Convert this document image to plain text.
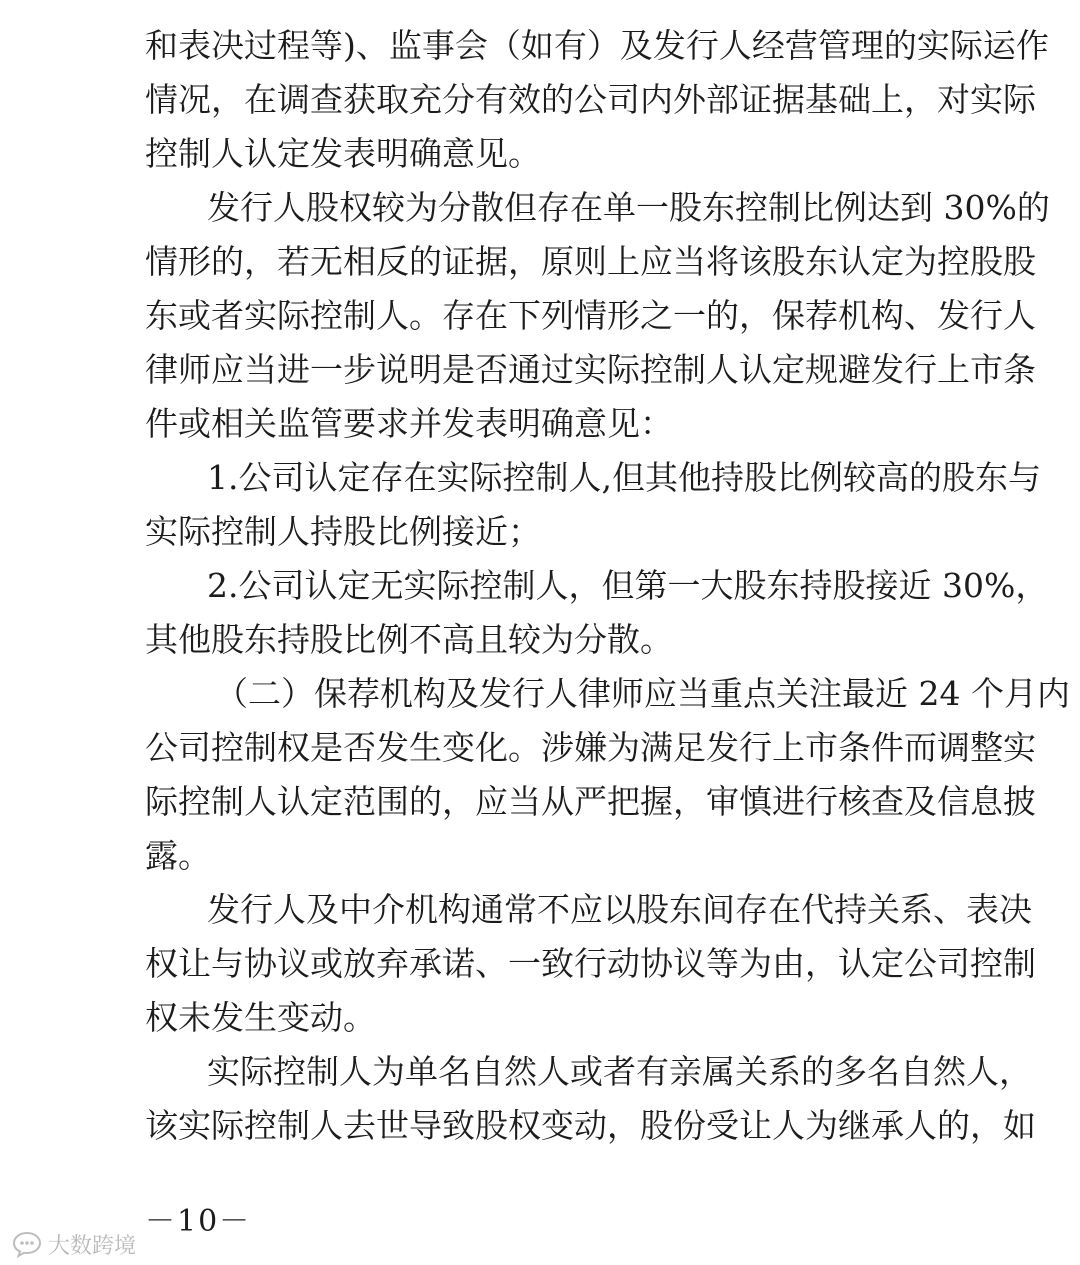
和表决过程等)、监事会（如有）及发行人经营管理的实际运作
情况，在调查获取充分有效的公司内外部证据基础上，对实际
控制人认定发表明确意见。
发行人股权较为分散但存在单一股东控制比例达到 30%的
情形的，若无相反的证据，原则上应当将该股东认定为控股股
东或者实际控制人。存在下列情形之一的，保荐机构、发行人
律师应当进一步说明是否通过实际控制人认定规避发行上市条
件或相关监管要求并发表明确意见：
1.公司认定存在实际控制人,但其他持股比例较高的股东与
实际控制人持股比例接近；
2.公司认定无实际控制人，但第一大股东持股接近 30%，
其他股东持股比例不高且较为分散。
（二）保荐机构及发行人律师应当重点关注最近 24 个月内
公司控制权是否发生变化。涉嫌为满足发行上市条件而调整实
际控制人认定范围的，应当从严把握，审慎进行核查及信息披
露。
发行人及中介机构通常不应以股东间存在代持关系、表决
权让与协议或放弃承诺、一致行动协议等为由，认定公司控制
权未发生变动。
实际控制人为单名自然人或者有亲属关系的多名自然人，
该实际控制人去世导致股权变动，股份受让人为继承人的，如
－10－
大数跨境
